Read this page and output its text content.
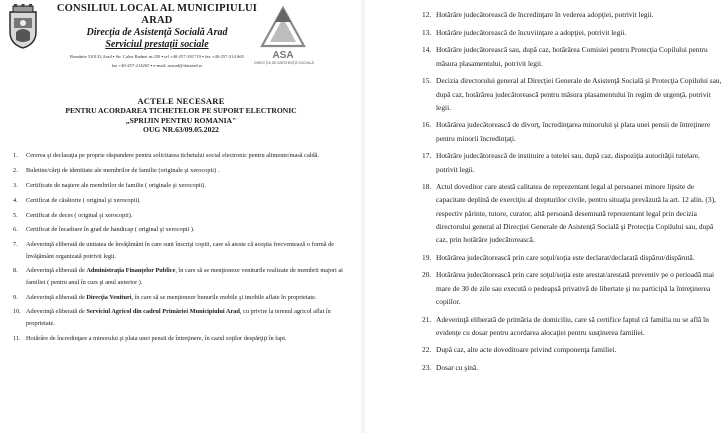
CONSILIUL LOCAL AL MUNICIPIULUI ARAD
Direcţia de Asistenţă Socială Arad
Serviciul prestaţii sociale
Românie 310133 Arad ▪ Str. Calea Radnei nr.250 ▪ tel +40-257-281719 ▪ fax +40-257-214 665
fax +40-257-214265 ▪ e-mail: asarad@dasarad.ro
ASA
DIRECŢIA DE ASISTENŢĂ SOCIALĂ
ACTELE NECESARE
PENTRU ACORDAREA TICHETELOR PE SUPORT ELECTRONIC
„SPRIJIN PENTRU ROMANIA"
OUG NR.63/09.05.2022
1. Cererea şi declaraţia pe proprie răspundere pentru solicitarea tichetului social electronic pentru alimente/masă caldă.
2. Buletine/cărţi de identitate ale membrilor de familie (originale şi xerocopii) .
3. Certificate de naştere ale membrilor de familie ( originale şi xerocopii).
4. Certificat de căsătorie ( original şi xerocopii).
5. Certificat de deces ( original şi xerocopii).
6. Certificat de încadrare în grad de handicap ( original şi xerocopii ).
7. Adeverinţă eliberată de unitatea de învăţământ în care sunt înscrişi copiii, care să ateste că aceştia frecventează o formă de învăţământ organizată potrivit legii.
8. Adeverinţă eliberată de Administraţia Finanţelor Publice, în care să se menţioneze veniturile realizate de membrii majori ai familiei ( pentru anul în curs şi anul anterior ).
9. Adeverinţă eliberată de Direcţia Venituri, în care să se menţioneze bunurile mobile şi imobile aflate în proprietate.
10. Adeverinţă eliberată de Serviciul Agricol din cadrul Primăriei Municipiului Arad, cu privire la terenul agricol aflat în proprietate.
11. Hotărâre de încredinţare a minorului şi plata unei pensii de întreţinere, în cazul soţilor despărţiţi în fapt.
12. Hotărâre judecătorească de încredinţare în vederea adopţiei, potrivit legii.
13. Hotărâre judecătorească de încuviinţare a adopţiei, potrivit legii.
14. Hotărâre judecătorească sau, după caz, hotărârea Comisiei pentru Protecţia Copilului pentru măsura plasamentului, potrivit legii.
15. Decizia directorului general al Direcţiei Generale de Asistenţă Socială şi Protecţia Copilului sau, după caz, hotărârea judecătorească pentru măsura plasamentului în regim de urgenţă, potrivit legii.
16. Hotărârea judecătorească de divorţ, încredinţarea minorului şi plata unei pensii de întreţinere pentru minorii încredinţaţi.
17. Hotărâre judecătorească de instituire a tutelei sau, după caz, dispoziţia autorităţii tutelare, potrivit legii.
18. Actul doveditor care atestă calitatea de reprezentant legal al persoanei minore lipsite de capacitate deplină de exerciţiu al drepturilor civile, pentru situaţia prevăzută la art. 12 alin. (3), respectiv părinte, tutore, curator, altă persoană desemnată reprezentant legal prin decizia directorului general al Direcţiei Generale de Asistenţă Socială şi Protecţia Copilului sau, după caz, prin hotărâre judecătorească.
19. Hotărârea judecătorească prin care soţul/soţia este declarat/declarată dispărut/dispărută.
20. Hotărârea judecătorească prin care soţul/soţia este arestat/arestată preventiv pe o perioadă mai mare de 30 de zile sau execută o pedeapsă privativă de libertate şi nu participă la întreţinerea copiilor.
21. Adeverinţă eliberată de primăria de domiciliu, care să certifice faptul că familia nu se află în evidenţe cu dosar pentru acordarea alocaţiei pentru susţinerea familiei.
22. După caz, alte acte doveditoare privind componenţa familiei.
23. Dosar cu şină.
